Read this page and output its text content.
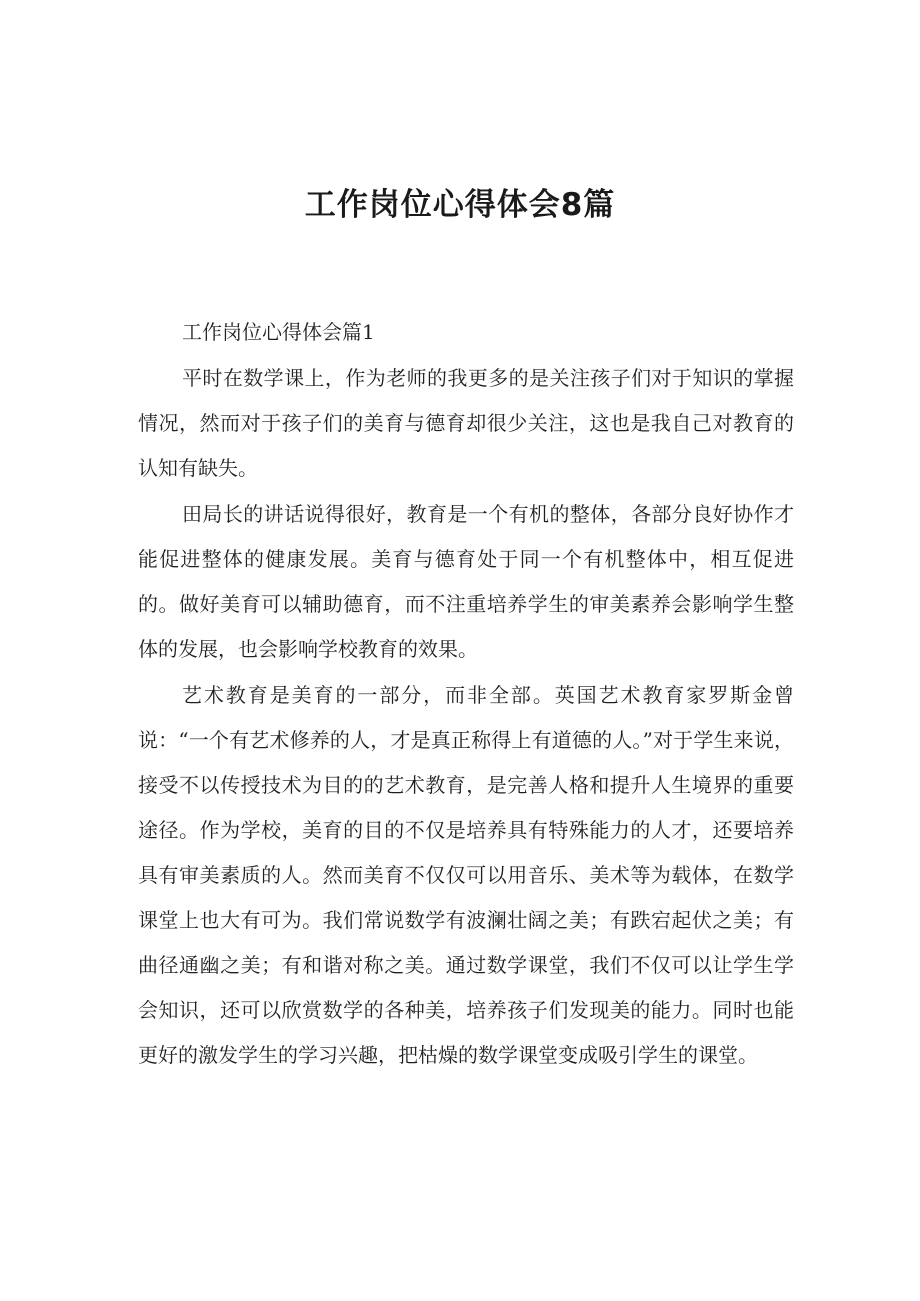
工作岗位心得体会8篇
工作岗位心得体会篇1

平时在数学课上，作为老师的我更多的是关注孩子们对于知识的掌握情况，然而对于孩子们的美育与德育却很少关注，这也是我自己对教育的认知有缺失。

田局长的讲话说得很好，教育是一个有机的整体，各部分良好协作才能促进整体的健康发展。美育与德育处于同一个有机整体中，相互促进的。做好美育可以辅助德育，而不注重培养学生的审美素养会影响学生整体的发展，也会影响学校教育的效果。

艺术教育是美育的一部分，而非全部。英国艺术教育家罗斯金曾说：“一个有艺术修养的人，才是真正称得上有道德的人。”对于学生来说，接受不以传授技术为目的的艺术教育，是完善人格和提升人生境界的重要途径。作为学校，美育的目的不仅是培养具有特殊能力的人才，还要培养具有审美素质的人。然而美育不仅仅可以用音乐、美术等为载体，在数学课堂上也大有可为。我们常说数学有波澜壮阔之美；有跌宕起伏之美；有曲径通幽之美；有和谐对称之美。通过数学课堂，我们不仅可以让学生学会知识，还可以欣赏数学的各种美，培养孩子们发现美的能力。同时也能更好的激发学生的学习兴趣，把枯燥的数学课堂变成吸引学生的课堂。
